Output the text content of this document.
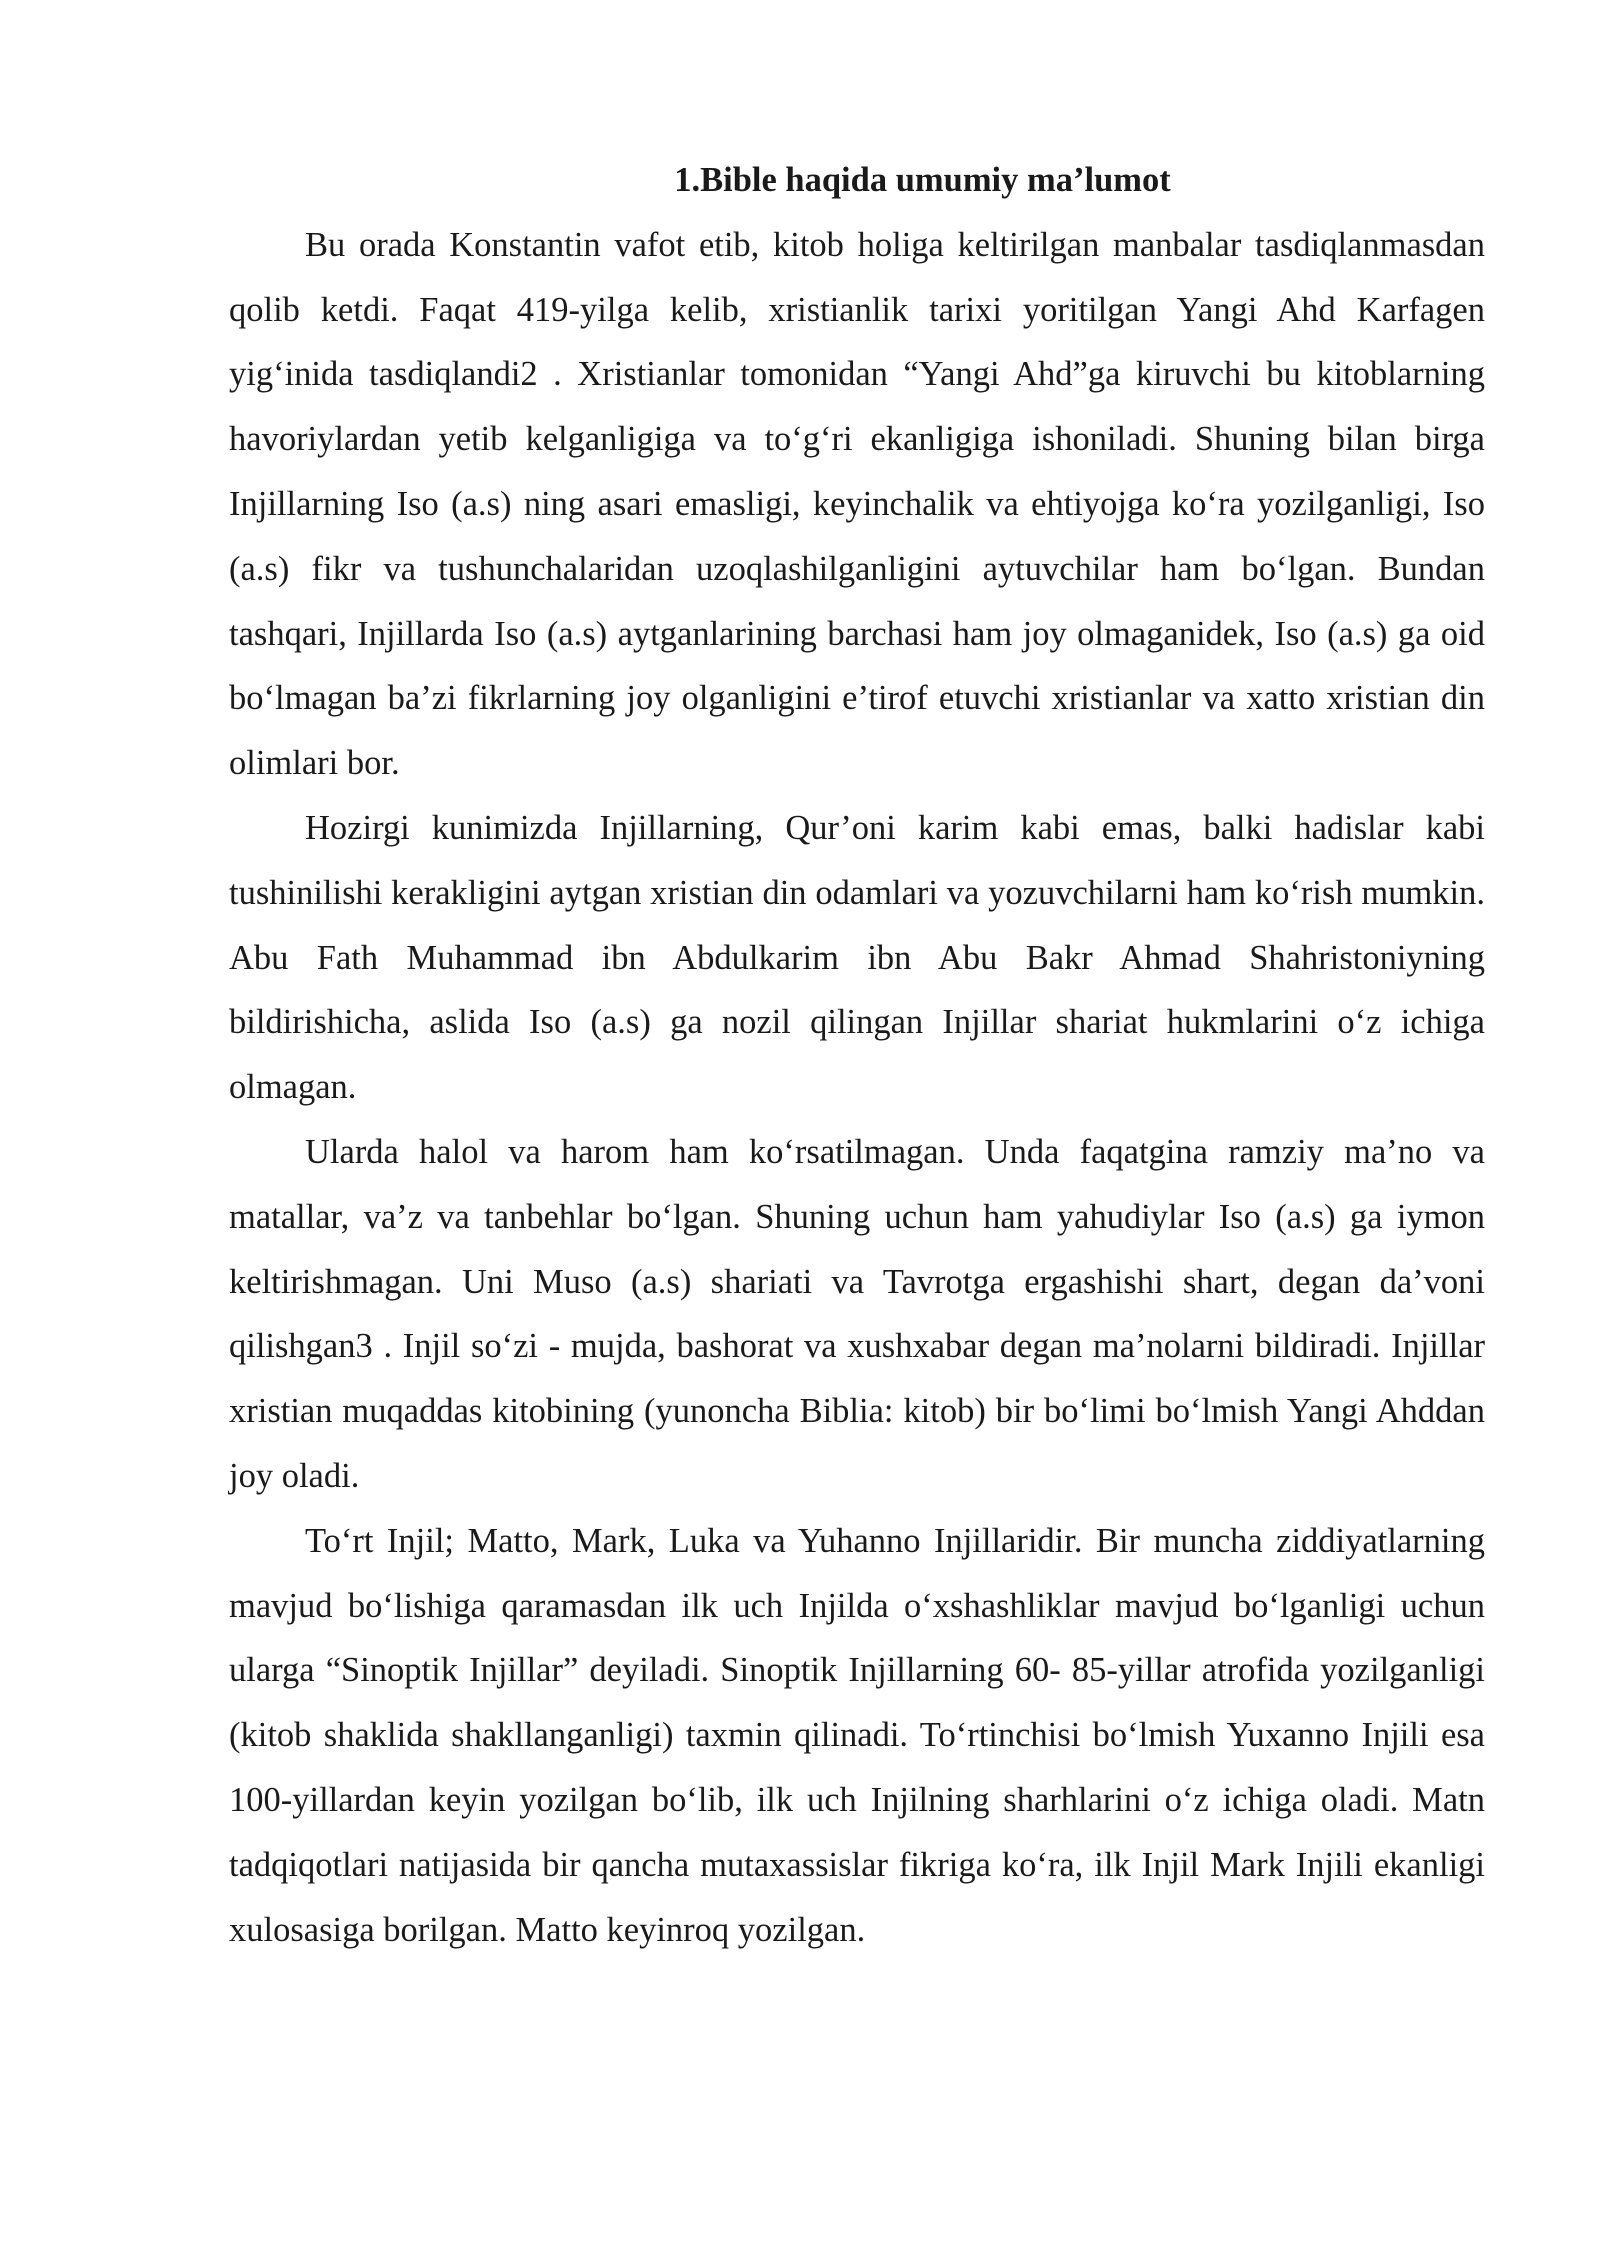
1.Bible haqida umumiy ma’lumot

Bu orada Konstantin vafot etib, kitob holiga keltirilgan manbalar tasdiqlanmasdan qolib ketdi. Faqat 419-yilga kelib, xristianlik tarixi yoritilgan Yangi Ahd Karfagen yig‘inida tasdiqlandi2 . Xristianlar tomonidan “Yangi Ahd”ga kiruvchi bu kitoblarning havoriylardan yetib kelganligiga va to‘g‘ri ekanligiga ishoniladi. Shuning bilan birga Injillarning Iso (a.s) ning asari emasligi, keyinchalik va ehtiyojga ko‘ra yozilganligi, Iso (a.s) fikr va tushunchalaridan uzoqlashilganligini aytuvchilar ham bo‘lgan. Bundan tashqari, Injillarda Iso (a.s) aytganlarining barchasi ham joy olmaganidek, Iso (a.s) ga oid bo‘lmagan ba’zi fikrlarning joy olganligini e’tirof etuvchi xristianlar va xatto xristian din olimlari bor.

Hozirgi kunimizda Injillarning, Qur’oni karim kabi emas, balki hadislar kabi tushinilishi kerakligini aytgan xristian din odamlari va yozuvchilarni ham ko‘rish mumkin. Abu Fath Muhammad ibn Abdulkarim ibn Abu Bakr Ahmad Shahristoniyning bildirishicha, aslida Iso (a.s) ga nozil qilingan Injillar shariat hukmlarini o‘z ichiga olmagan.

Ularda halol va harom ham ko‘rsatilmagan. Unda faqatgina ramziy ma’no va matallar, va’z va tanbehlar bo‘lgan. Shuning uchun ham yahudiylar Iso (a.s) ga iymon keltirishmagan. Uni Muso (a.s) shariati va Tavrotga ergashishi shart, degan da’voni qilishgan3 . Injil so‘zi - mujda, bashorat va xushxabar degan ma’nolarni bildiradi. Injillar xristian muqaddas kitobining (yunoncha Biblia: kitob) bir bo‘limi bo‘lmish Yangi Ahddan joy oladi.

To‘rt Injil; Matto, Mark, Luka va Yuhanno Injillaridir. Bir muncha ziddiyatlarning mavjud bo‘lishiga qaramasdan ilk uch Injilda o‘xshashliklar mavjud bo‘lganligi uchun ularga “Sinoptik Injillar” deyiladi. Sinoptik Injillarning 60- 85-yillar atrofida yozilganligi (kitob shaklida shakllanganligi) taxmin qilinadi. To‘rtinchisi bo‘lmish Yuxanno Injili esa 100-yillardan keyin yozilgan bo‘lib, ilk uch Injilning sharhlarini o‘z ichiga oladi. Matn tadqiqotlari natijasida bir qancha mutaxassislar fikriga ko‘ra, ilk Injil Mark Injili ekanligi xulosasiga borilgan. Matto keyinroq yozilgan.
